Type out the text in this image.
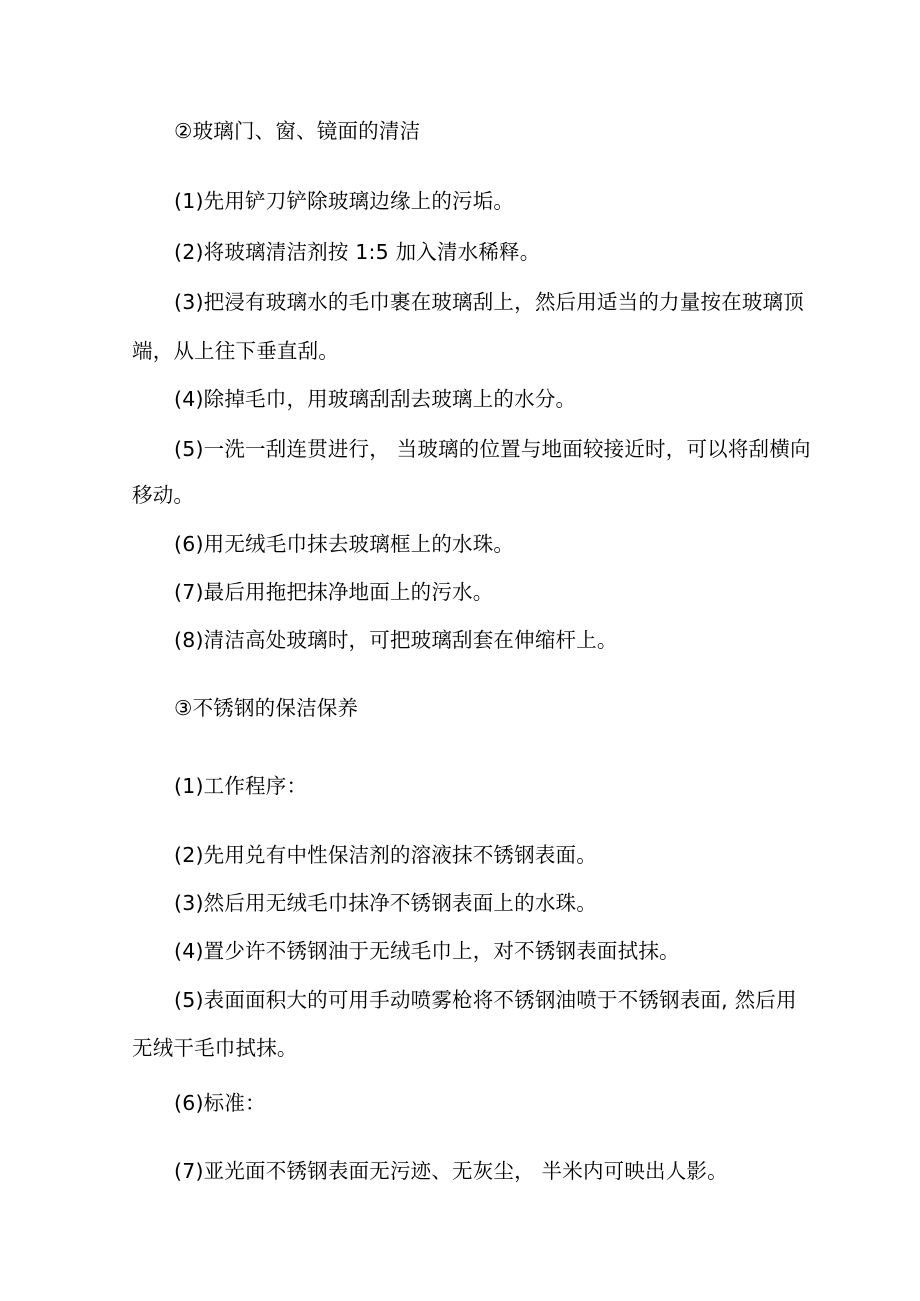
②玻璃门、窗、镜面的清洁
(1)先用铲刀铲除玻璃边缘上的污垢。
(2)将玻璃清洁剂按 1:5 加入清水稀释。
(3)把浸有玻璃水的毛巾裹在玻璃刮上，然后用适当的力量按在玻璃顶
端，从上往下垂直刮。
(4)除掉毛巾，用玻璃刮刮去玻璃上的水分。
(5)一洗一刮连贯进行， 当玻璃的位置与地面较接近时，可以将刮横向
移动。
(6)用无绒毛巾抹去玻璃框上的水珠。
(7)最后用拖把抹净地面上的污水。
(8)清洁高处玻璃时，可把玻璃刮套在伸缩杆上。
③不锈钢的保洁保养
(1)工作程序：
(2)先用兑有中性保洁剂的溶液抹不锈钢表面。
(3)然后用无绒毛巾抹净不锈钢表面上的水珠。
(4)置少许不锈钢油于无绒毛巾上，对不锈钢表面拭抹。
(5)表面面积大的可用手动喷雾枪将不锈钢油喷于不锈钢表面, 然后用
无绒干毛巾拭抹。
(6)标准：
(7)亚光面不锈钢表面无污迹、无灰尘， 半米内可映出人影。
